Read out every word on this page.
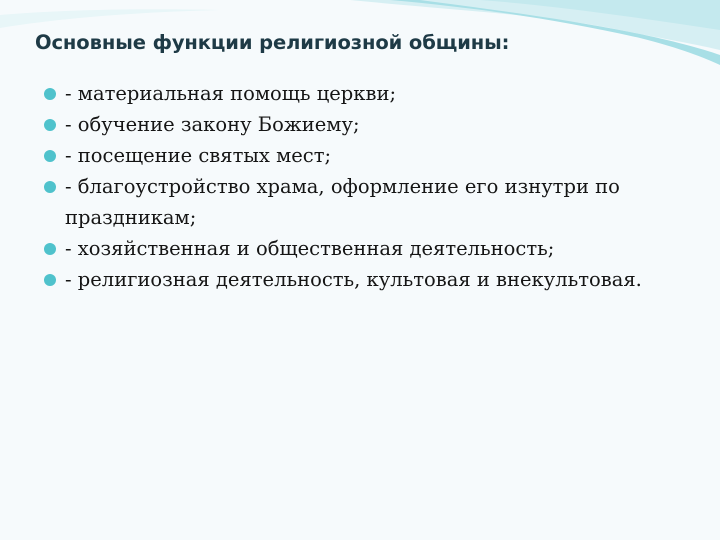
Основные функции религиозной общины:
- материальная помощь церкви;
- обучение закону Божиему;
- посещение святых мест;
- благоустройство храма, оформление его изнутри по праздникам;
- хозяйственная и общественная деятельность;
- религиозная деятельность, культовая и внекультовая.
